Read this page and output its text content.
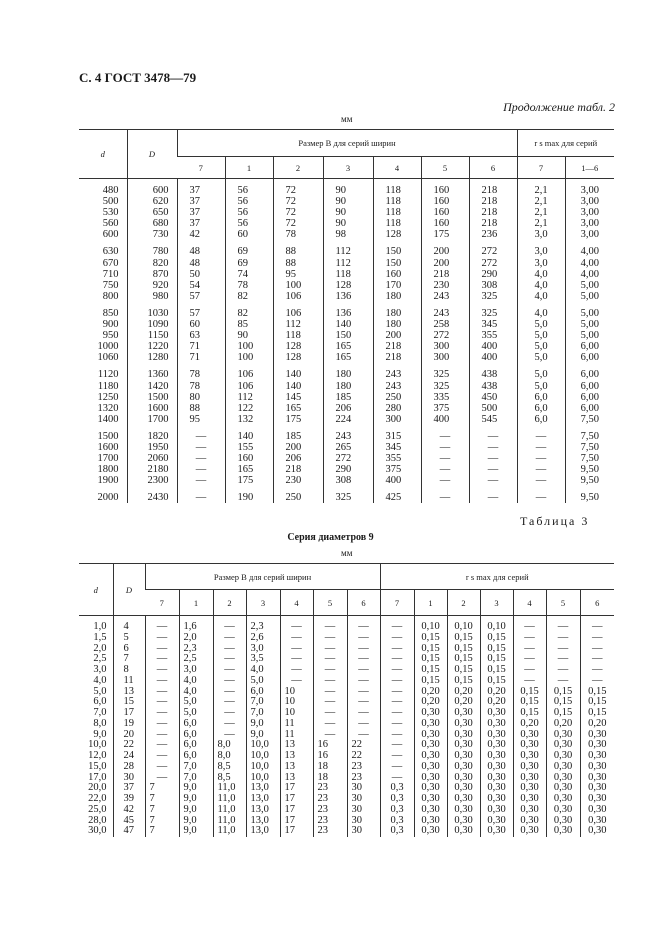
С. 4 ГОСТ 3478—79
Продолжение табл. 2
мм
d	D	Размер B для серий ширин							r s max для серий	
		7	1	2	3	4	5	6	7	1—6
480	600	37	56	72	90	118	160	218	2,1	3,00
500	620	37	56	72	90	118	160	218	2,1	3,00
530	650	37	56	72	90	118	160	218	2,1	3,00
560	680	37	56	72	90	118	160	218	2,1	3,00
600	730	42	60	78	98	128	175	236	3,0	3,00
630	780	48	69	88	112	150	200	272	3,0	4,00
670	820	48	69	88	112	150	200	272	3,0	4,00
710	870	50	74	95	118	160	218	290	4,0	4,00
750	920	54	78	100	128	170	230	308	4,0	5,00
800	980	57	82	106	136	180	243	325	4,0	5,00
850	1030	57	82	106	136	180	243	325	4,0	5,00
900	1090	60	85	112	140	180	258	345	5,0	5,00
950	1150	63	90	118	150	200	272	355	5,0	5,00
1000	1220	71	100	128	165	218	300	400	5,0	6,00
1060	1280	71	100	128	165	218	300	400	5,0	6,00
1120	1360	78	106	140	180	243	325	438	5,0	6,00
1180	1420	78	106	140	180	243	325	438	5,0	6,00
1250	1500	80	112	145	185	250	335	450	6,0	6,00
1320	1600	88	122	165	206	280	375	500	6,0	6,00
1400	1700	95	132	175	224	300	400	545	6,0	7,50
1500	1820	—	140	185	243	315	—	—	—	7,50
1600	1950	—	155	200	265	345	—	—	—	7,50
1700	2060	—	160	206	272	355	—	—	—	7,50
1800	2180	—	165	218	290	375	—	—	—	9,50
1900	2300	—	175	230	308	400	—	—	—	9,50
2000	2430	—	190	250	325	425	—	—	—	9,50
Таблица 3
Серия диаметров 9
мм
d	D	Размер B для серий ширин							r s max для серий						
		7	1	2	3	4	5	6	7	1	2	3	4	5	6
1,0	4	—	1,6	—	2,3	—	—	—	—	0,10	0,10	0,10	—	—	—
1,5	5	—	2,0	—	2,6	—	—	—	—	0,15	0,15	0,15	—	—	—
2,0	6	—	2,3	—	3,0	—	—	—	—	0,15	0,15	0,15	—	—	—
2,5	7	—	2,5	—	3,5	—	—	—	—	0,15	0,15	0,15	—	—	—
3,0	8	—	3,0	—	4,0	—	—	—	—	0,15	0,15	0,15	—	—	—
4,0	11	—	4,0	—	5,0	—	—	—	—	0,15	0,15	0,15	—	—	—
5,0	13	—	4,0	—	6,0	10	—	—	—	0,20	0,20	0,20	0,15	0,15	0,15
6,0	15	—	5,0	—	7,0	10	—	—	—	0,20	0,20	0,20	0,15	0,15	0,15
7,0	17	—	5,0	—	7,0	10	—	—	—	0,30	0,30	0,30	0,15	0,15	0,15
8,0	19	—	6,0	—	9,0	11	—	—	—	0,30	0,30	0,30	0,20	0,20	0,20
9,0	20	—	6,0	—	9,0	11	—	—	—	0,30	0,30	0,30	0,30	0,30	0,30
10,0	22	—	6,0	8,0	10,0	13	16	22	—	0,30	0,30	0,30	0,30	0,30	0,30
12,0	24	—	6,0	8,0	10,0	13	16	22	—	0,30	0,30	0,30	0,30	0,30	0,30
15,0	28	—	7,0	8,5	10,0	13	18	23	—	0,30	0,30	0,30	0,30	0,30	0,30
17,0	30	—	7,0	8,5	10,0	13	18	23	—	0,30	0,30	0,30	0,30	0,30	0,30
20,0	37	7	9,0	11,0	13,0	17	23	30	0,3	0,30	0,30	0,30	0,30	0,30	0,30
22,0	39	7	9,0	11,0	13,0	17	23	30	0,3	0,30	0,30	0,30	0,30	0,30	0,30
25,0	42	7	9,0	11,0	13,0	17	23	30	0,3	0,30	0,30	0,30	0,30	0,30	0,30
28,0	45	7	9,0	11,0	13,0	17	23	30	0,3	0,30	0,30	0,30	0,30	0,30	0,30
30,0	47	7	9,0	11,0	13,0	17	23	30	0,3	0,30	0,30	0,30	0,30	0,30	0,30
